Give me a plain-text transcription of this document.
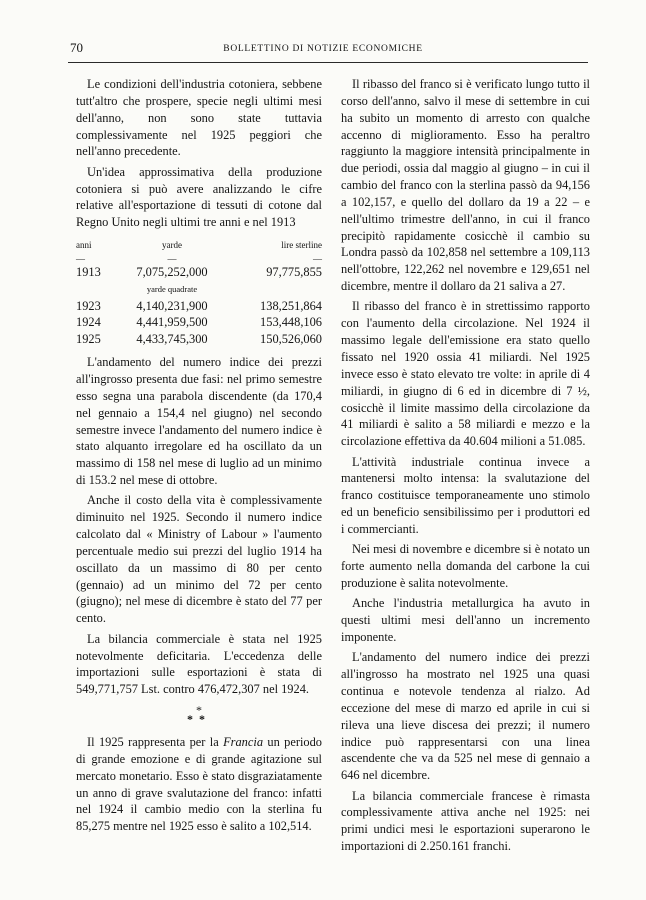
70	BOLLETTINO DI NOTIZIE ECONOMICHE

Le condizioni dell'industria cotoniera, sebbene tutt'altro che prospere, specie negli ultimi mesi dell'anno, non sono state tuttavia complessivamente nel 1925 peggiori che nell'anno precedente.

Un'idea approssimativa della produzione cotoniera si può avere analizzando le cifre relative all'esportazione di tessuti di cotone dal Regno Unito negli ultimi tre anni e nel 1913

anni	yarde	lire sterline
—	—	—
1913	7,075,252,000	97,775,855
	yarde quadrate	
1923	4,140,231,900	138,251,864
1924	4,441,959,500	153,448,106
1925	4,433,745,300	150,526,060

L'andamento del numero indice dei prezzi all'ingrosso presenta due fasi: nel primo semestre esso segna una parabola discendente (da 170,4 nel gennaio a 154,4 nel giugno) nel secondo semestre invece l'andamento del numero indice è stato alquanto irregolare ed ha oscillato da un massimo di 158 nel mese di luglio ad un minimo di 153.2 nel mese di ottobre.

Anche il costo della vita è complessivamente diminuito nel 1925. Secondo il numero indice calcolato dal « Ministry of Labour » l'aumento percentuale medio sui prezzi del luglio 1914 ha oscillato da un massimo di 80 per cento (gennaio) ad un minimo del 72 per cento (giugno); nel mese di dicembre è stato del 77 per cento.

La bilancia commerciale è stata nel 1925 notevolmente deficitaria. L'eccedenza delle importazioni sulle esportazioni è stata di 549,771,757 Lst. contro 476,472,307 nel 1924.

*
**

Il 1925 rappresenta per la Francia un periodo di grande emozione e di grande agitazione sul mercato monetario. Esso è stato disgraziatamente un anno di grave svalutazione del franco: infatti nel 1924 il cambio medio con la sterlina fu 85,275 mentre nel 1925 esso è salito a 102,514.

Il ribasso del franco si è verificato lungo tutto il corso dell'anno, salvo il mese di settembre in cui ha subito un momento di arresto con qualche accenno di miglioramento. Esso ha peraltro raggiunto la maggiore intensità principalmente in due periodi, ossia dal maggio al giugno – in cui il cambio del franco con la sterlina passò da 94,156 a 102,157, e quello del dollaro da 19 a 22 – e nell'ultimo trimestre dell'anno, in cui il franco precipitò rapidamente cosicchè il cambio su Londra passò da 102,858 nel settembre a 109,113 nell'ottobre, 122,262 nel novembre e 129,651 nel dicembre, mentre il dollaro da 21 saliva a 27.

Il ribasso del franco è in strettissimo rapporto con l'aumento della circolazione. Nel 1924 il massimo legale dell'emissione era stato quello fissato nel 1920 ossia 41 miliardi. Nel 1925 invece esso è stato elevato tre volte: in aprile di 4 miliardi, in giugno di 6 ed in dicembre di 7 ½, cosicchè il limite massimo della circolazione da 41 miliardi è salito a 58 miliardi e mezzo e la circolazione effettiva da 40.604 milioni a 51.085.

L'attività industriale continua invece a mantenersi molto intensa: la svalutazione del franco costituisce temporaneamente uno stimolo ed un beneficio sensibilissimo per i produttori ed i commercianti.

Nei mesi di novembre e dicembre si è notato un forte aumento nella domanda del carbone la cui produzione è salita notevolmente.

Anche l'industria metallurgica ha avuto in questi ultimi mesi dell'anno un incremento imponente.

L'andamento del numero indice dei prezzi all'ingrosso ha mostrato nel 1925 una quasi continua e notevole tendenza al rialzo. Ad eccezione del mese di marzo ed aprile in cui si rileva una lieve discesa dei prezzi; il numero indice può rappresentarsi con una linea ascendente che va da 525 nel mese di gennaio a 646 nel dicembre.

La bilancia commerciale francese è rimasta complessivamente attiva anche nel 1925: nei primi undici mesi le esportazioni superarono le importazioni di 2.250.161 franchi.
